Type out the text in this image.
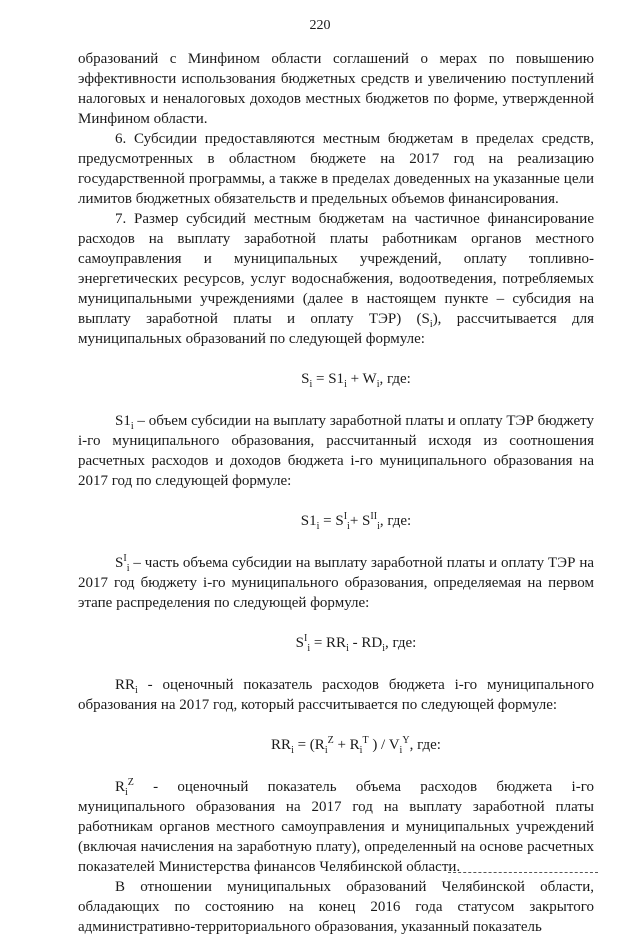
220

образований с Минфином области соглашений о мерах по повышению эффективности использования бюджетных средств и увеличению поступлений налоговых и неналоговых доходов местных бюджетов по форме, утвержденной Минфином области.

6. Субсидии предоставляются местным бюджетам в пределах средств, предусмотренных в областном бюджете на 2017 год на реализацию государственной программы, а также в пределах доведенных на указанные цели лимитов бюджетных обязательств и предельных объемов финансирования.

7. Размер субсидий местным бюджетам на частичное финансирование расходов на выплату заработной платы работникам органов местного самоуправления и муниципальных учреждений, оплату топливно-энергетических ресурсов, услуг водоснабжения, водоотведения, потребляемых муниципальными учреждениями (далее в настоящем пункте – субсидия на выплату заработной платы и оплату ТЭР) $(S_i)$, рассчитывается для муниципальных образований по следующей формуле:

$S_i = S1_i + W_i$, где:

$S1_i$ – объем субсидии на выплату заработной платы и оплату ТЭР бюджету i-го муниципального образования, рассчитанный исходя из соотношения расчетных расходов и доходов бюджета i-го муниципального образования на 2017 год по следующей формуле:

$S1_i = S^I_i+ S^{II}_i$, где:

$S^I_i$ – часть объема субсидии на выплату заработной платы и оплату ТЭР на 2017 год бюджету i-го муниципального образования, определяемая на первом этапе распределения по следующей формуле:

$S^I_i = RR_i - RD_i$, где:

$RR_i$ - оценочный показатель расходов бюджета i-го муниципального образования на 2017 год, который рассчитывается по следующей формуле:

$RR_i = (R_i^Z + R_i^T$ ) / $V_i^Y$, где:

$R_i^Z$ - оценочный показатель объема расходов бюджета i-го муниципального образования на 2017 год на выплату заработной платы работникам органов местного самоуправления и муниципальных учреждений (включая начисления на заработную плату), определенный на основе расчетных показателей Министерства финансов Челябинской области.

В отношении муниципальных образований Челябинской области, обладающих по состоянию на конец 2016 года статусом закрытого административно-территориального образования, указанный показатель
